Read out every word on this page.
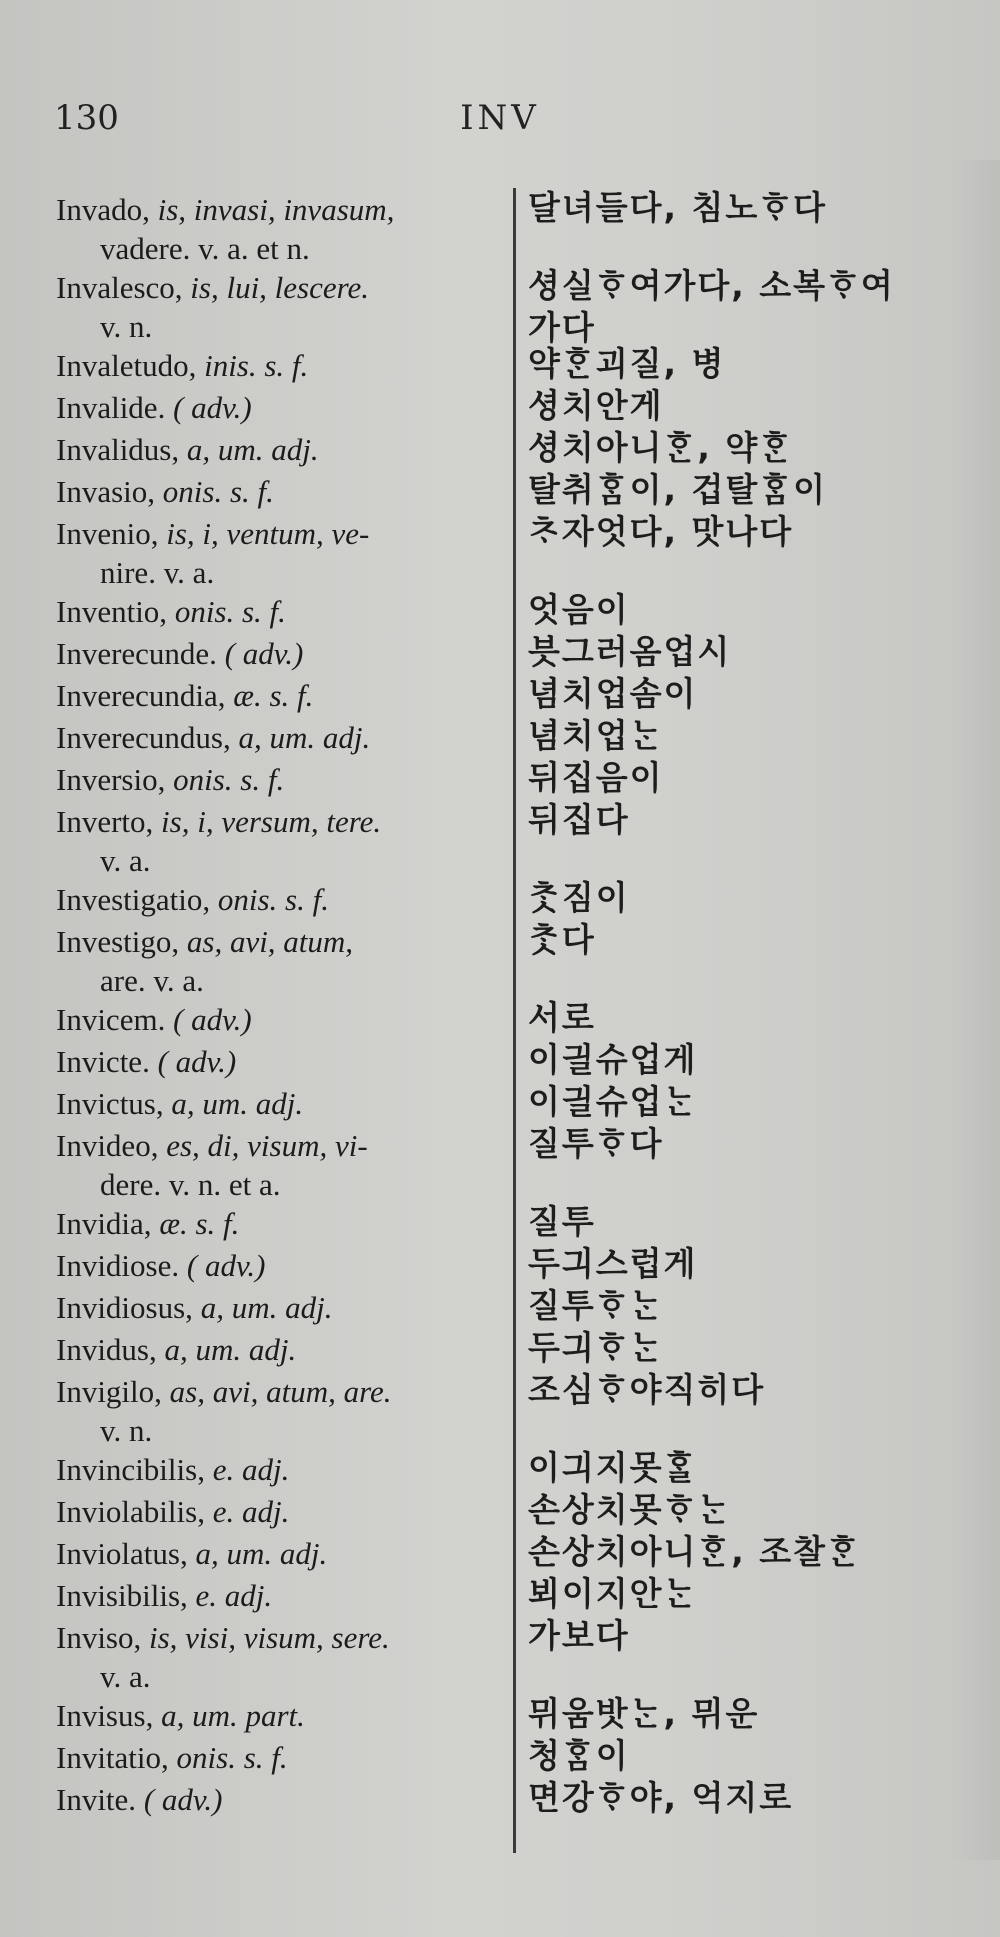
130	INV
Invado, is, invasi, invasum,
vadere. v. a. et n.
달녀들다, 침노ᄒᆞ다
Invalesco, is, lui, lescere.
v. n.
셩실ᄒᆞ여가다, 소복ᄒᆞ여
가다
Invaletudo, inis. s. f.	약ᄒᆞᆫ괴질, 병
Invalide. ( adv.)	셩치안게
Invalidus, a, um. adj.	셩치아니ᄒᆞᆫ, 약ᄒᆞᆫ
Invasio, onis. s. f.	탈취ᄒᆞᆷ이, 겁탈ᄒᆞᆷ이
Invenio, is, i, ventum, ve-
nire. v. a.
ᄎᆞ자엇다, 맛나다
Inventio, onis. s. f.	엇음이
Inverecunde. ( adv.)	븟그러옴업시
Inverecundia, æ. s. f.	념치업솜이
Inverecundus, a, um. adj.	념치업ᄂᆞᆫ
Inversio, onis. s. f.	뒤집음이
Inverto, is, i, versum, tere.
v. a.
뒤집다
Investigatio, onis. s. f.	ᄎᆞᆺ짐이
Investigo, as, avi, atum,
are. v. a.
ᄎᆞᆺ다
Invicem. ( adv.)	서로
Invicte. ( adv.)	이긜슈업게
Invictus, a, um. adj.	이긜슈업ᄂᆞᆫ
Invideo, es, di, visum, vi-
dere. v. n. et a.
질투ᄒᆞ다
Invidia, æ. s. f.	질투
Invidiose. ( adv.)	두긔스럽게
Invidiosus, a, um. adj.	질투ᄒᆞᄂᆞᆫ
Invidus, a, um. adj.	두긔ᄒᆞᄂᆞᆫ
Invigilo, as, avi, atum, are.
v. n.
조심ᄒᆞ야직히다
Invincibilis, e. adj.	이긔지못ᄒᆞᆯ
Inviolabilis, e. adj.	손상치못ᄒᆞᄂᆞᆫ
Inviolatus, a, um. adj.	손상치아니ᄒᆞᆫ, 조찰ᄒᆞᆫ
Invisibilis, e. adj.	뵈이지안ᄂᆞᆫ
Inviso, is, visi, visum, sere.
v. a.
가보다
Invisus, a, um. part.	뮈움밧ᄂᆞᆫ, 뮈운
Invitatio, onis. s. f.	청ᄒᆞᆷ이
Invite. ( adv.)	면강ᄒᆞ야, 억지로
